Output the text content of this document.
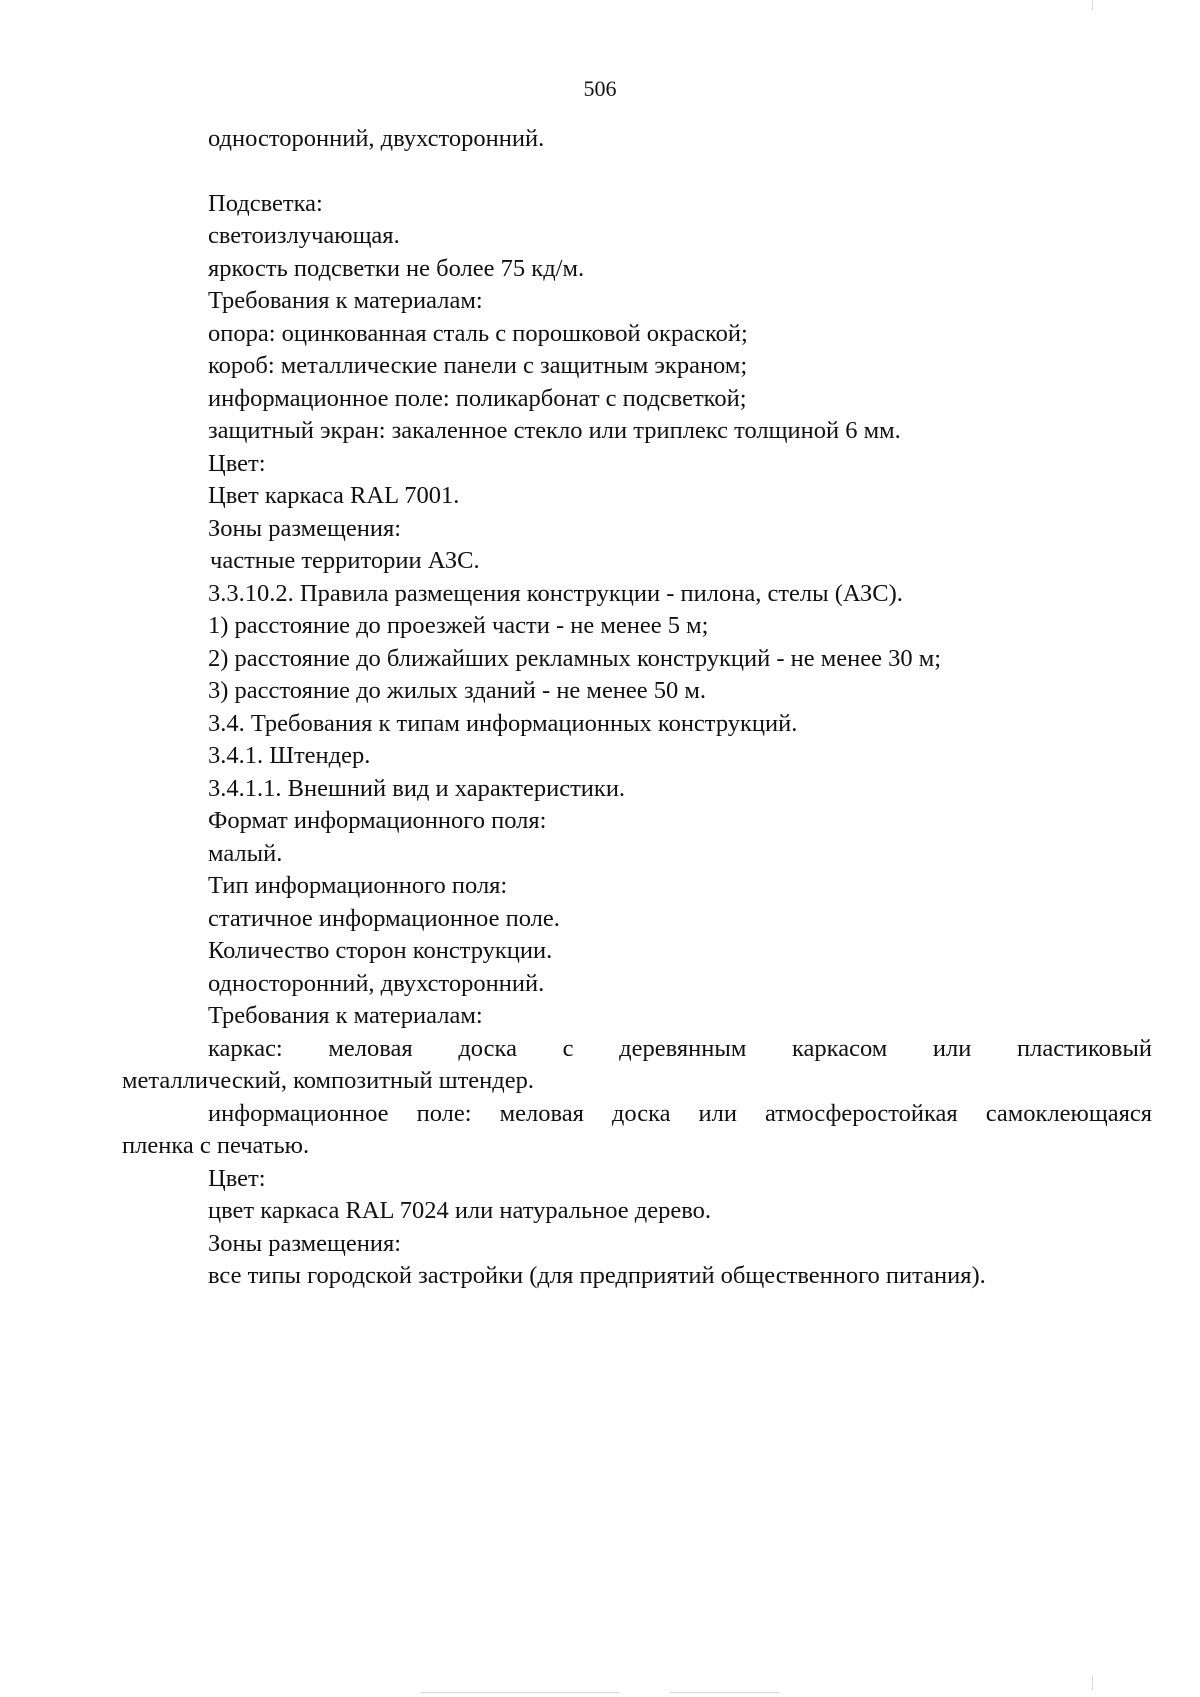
506

односторонний, двухсторонний.

Подсветка:

светоизлучающая.

яркость подсветки не более 75 кд/м.

Требования к материалам:

опора: оцинкованная сталь с порошковой окраской;

короб: металлические панели с защитным экраном;

информационное поле: поликарбонат с подсветкой;

защитный экран: закаленное стекло или триплекс толщиной 6 мм.

Цвет:

Цвет каркаса RAL 7001.

Зоны размещения:

частные территории АЗС.

3.3.10.2. Правила размещения конструкции - пилона, стелы (АЗС).

1) расстояние до проезжей части - не менее 5 м;

2) расстояние до ближайших рекламных конструкций - не менее 30 м;

3) расстояние до жилых зданий - не менее 50 м.

3.4. Требования к типам информационных конструкций.

3.4.1. Штендер.

3.4.1.1. Внешний вид и характеристики.

Формат информационного поля:

малый.

Тип информационного поля:

статичное информационное поле.

Количество сторон конструкции.

односторонний, двухсторонний.

Требования к материалам:

каркас: меловая доска с деревянным каркасом или пластиковый

металлический, композитный штендер.

информационное поле: меловая доска или атмосферостойкая самоклеющаяся

пленка с печатью.

Цвет:

цвет каркаса RAL 7024 или натуральное дерево.

Зоны размещения:

все типы городской застройки (для предприятий общественного питания).
